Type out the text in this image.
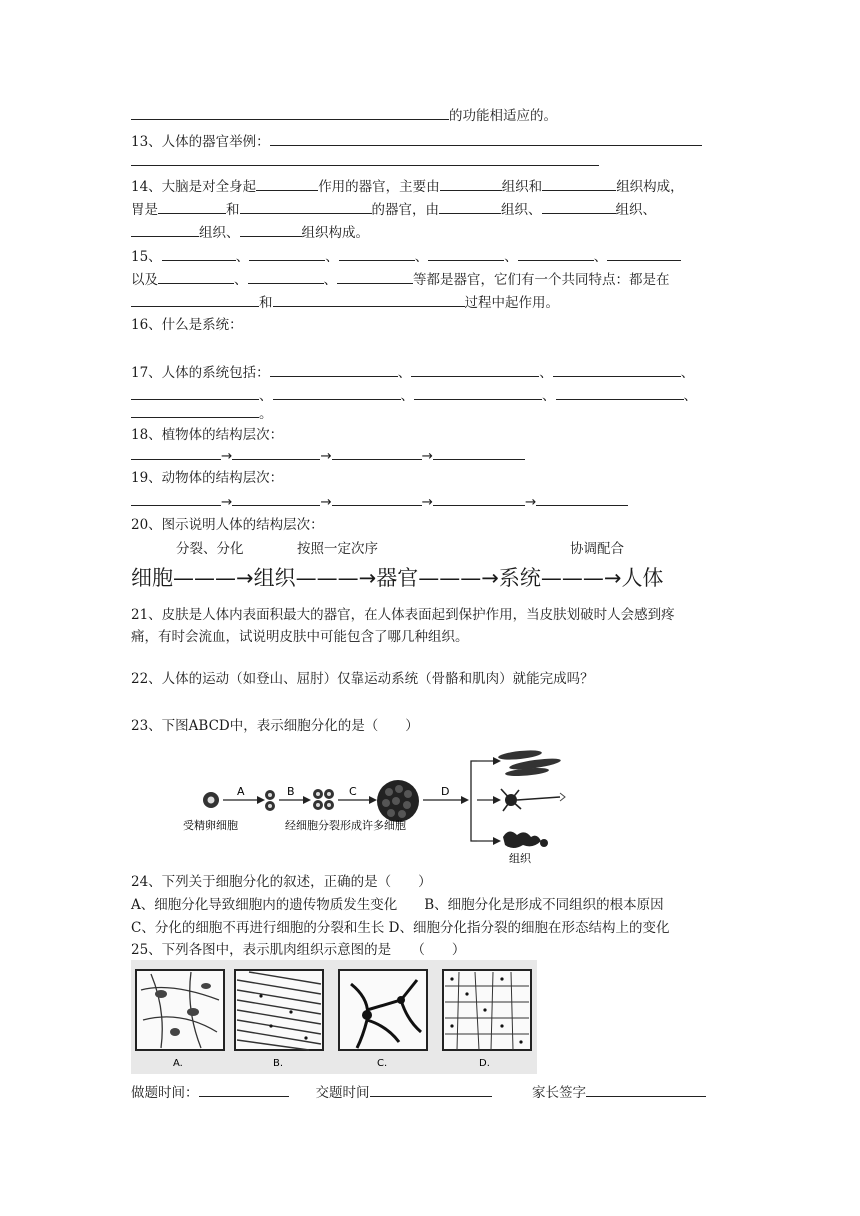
的功能相适应的。
13、人体的器官举例：
14、大脑是对全身起	作用的器官，主要由	组织和	组织构成，
胃是	和	的器官，由	组织、	组织、
组织、	组织构成。
15、	、	、	、	、	、
以及	、	、	等都是器官，它们有一个共同特点：都是在
和	过程中起作用。
16、什么是系统：
17、人体的系统包括：	、	、	、
、	、	、	、
。
18、植物体的结构层次：
→	→	→
19、动物体的结构层次：
→	→	→	→
20、图示说明人体的结构层次：
分裂、分化	按照一定次序	协调配合
细胞———→组织———→器官———→系统———→人体
21、皮肤是人体内表面积最大的器官，在人体表面起到保护作用，当皮肤划破时人会感到疼
痛，有时会流血，试说明皮肤中可能包含了哪几种组织。
22、人体的运动（如登山、屈肘）仅靠运动系统（骨骼和肌肉）就能完成吗？
23、下图ABCD中，表示细胞分化的是（　　）
A	B	C	D
受精卵细胞	经细胞分裂形成许多细胞
组织
24、下列关于细胞分化的叙述，正确的是（　　）
A、细胞分化导致细胞内的遗传物质发生变化　　B、细胞分化是形成不同组织的根本原因
C、分化的细胞不再进行细胞的分裂和生长 D、细胞分化指分裂的细胞在形态结构上的变化
25、下列各图中，表示肌肉组织示意图的是　　（　　）
A.	B.	C.	D.
做题时间：　　	交题时间　　　	家长签字
